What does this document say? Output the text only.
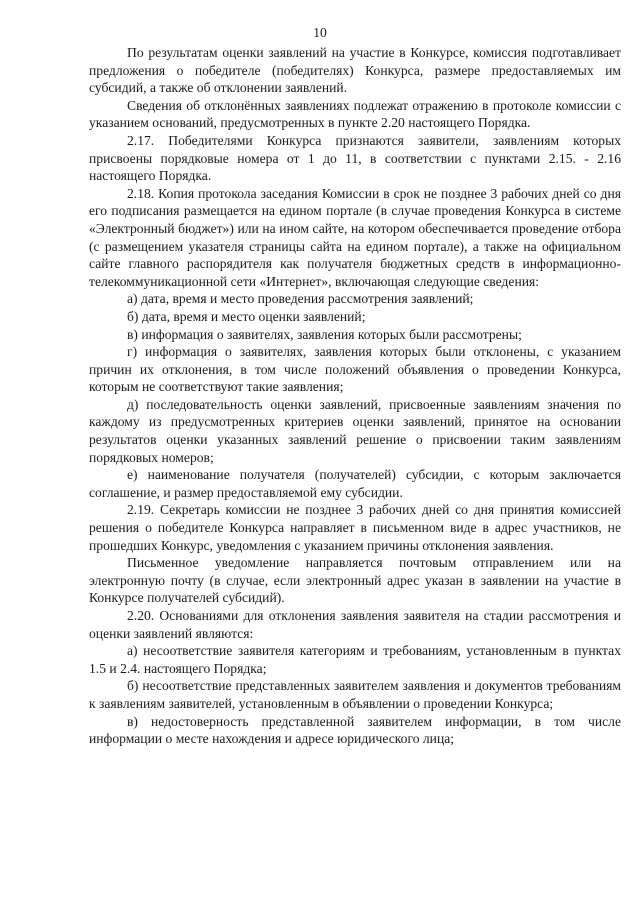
10

По результатам оценки заявлений на участие в Конкурсе, комиссия подготавливает предложения о победителе (победителях) Конкурса, размере предоставляемых им субсидий, а также об отклонении заявлений.

Сведения об отклонённых заявлениях подлежат отражению в протоколе комиссии с указанием оснований, предусмотренных в пункте 2.20 настоящего Порядка.

2.17. Победителями Конкурса признаются заявители, заявлениям которых присвоены порядковые номера от 1 до 11, в соответствии с пунктами 2.15. - 2.16 настоящего Порядка.

2.18. Копия протокола заседания Комиссии в срок не позднее 3 рабочих дней со дня его подписания размещается на едином портале (в случае проведения Конкурса в системе «Электронный бюджет») или на ином сайте, на котором обеспечивается проведение отбора (с размещением указателя страницы сайта на едином портале), а также на официальном сайте главного распорядителя как получателя бюджетных средств в информационно-телекоммуникационной сети «Интернет», включающая следующие сведения:

а) дата, время и место проведения рассмотрения заявлений;

б) дата, время и место оценки заявлений;

в) информация о заявителях, заявления которых были рассмотрены;

г) информация о заявителях, заявления которых были отклонены, с указанием причин их отклонения, в том числе положений объявления о проведении Конкурса, которым не соответствуют такие заявления;

д) последовательность оценки заявлений, присвоенные заявлениям значения по каждому из предусмотренных критериев оценки заявлений, принятое на основании результатов оценки указанных заявлений решение о присвоении таким заявлениям порядковых номеров;

е) наименование получателя (получателей) субсидии, с которым заключается соглашение, и размер предоставляемой ему субсидии.

2.19. Секретарь комиссии не позднее 3 рабочих дней со дня принятия комиссией решения о победителе Конкурса направляет в письменном виде в адрес участников, не прошедших Конкурс, уведомления с указанием причины отклонения заявления.

Письменное уведомление направляется почтовым отправлением или на электронную почту (в случае, если электронный адрес указан в заявлении на участие в Конкурсе получателей субсидий).

2.20. Основаниями для отклонения заявления заявителя на стадии рассмотрения и оценки заявлений являются:

а) несоответствие заявителя категориям и требованиям, установленным в пунктах 1.5 и 2.4. настоящего Порядка;

б) несоответствие представленных заявителем заявления и документов требованиям к заявлениям заявителей, установленным в объявлении о проведении Конкурса;

в) недостоверность представленной заявителем информации, в том числе информации о месте нахождения и адресе юридического лица;
